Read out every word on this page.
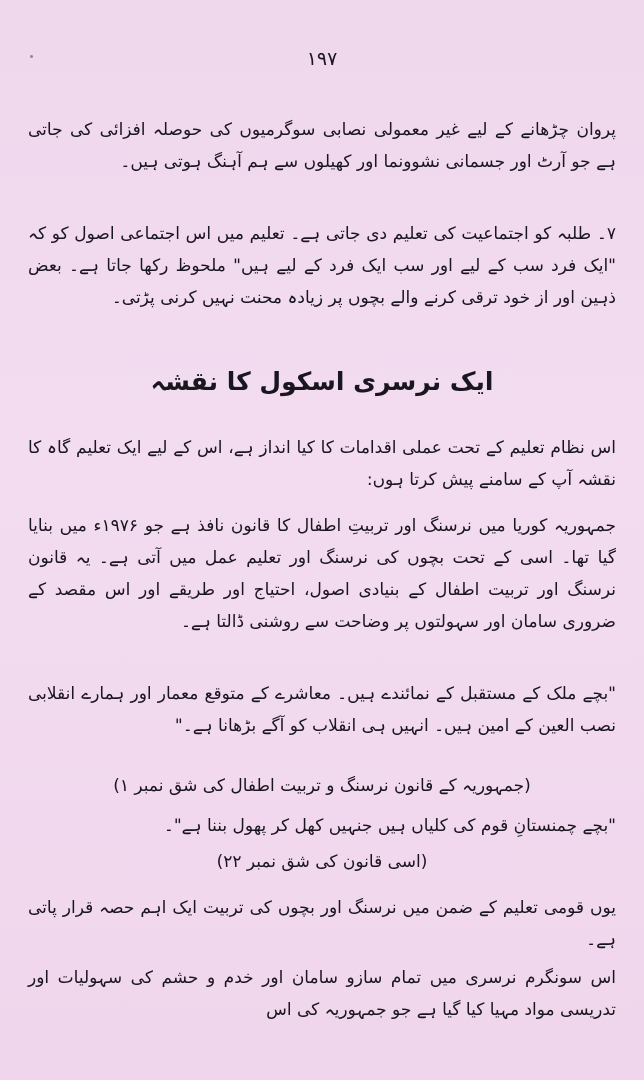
۱۹۷
پروان چڑھانے کے لیے غیر معمولی نصابی سوگرمیوں کی حوصلہ افزائی کی جاتی ہے جو آرٹ اور جسمانی نشوونما اور کھیلوں سے ہم آہنگ ہوتی ہیں۔
۷۔ طلبہ کو اجتماعیت کی تعلیم دی جاتی ہے۔ تعلیم میں اس اجتماعی اصول کو کہ "ایک فرد سب کے لیے اور سب ایک فرد کے لیے ہیں" ملحوظ رکھا جاتا ہے۔ بعض ذہین اور از خود ترقی کرنے والے بچوں پر زیادہ محنت نہیں کرنی پڑتی۔
ایک نرسری اسکول کا نقشہ
اس نظام تعلیم کے تحت عملی اقدامات کا کیا انداز ہے، اس کے لیے ایک تعلیم گاہ کا نقشہ آپ کے سامنے پیش کرتا ہوں:
جمہوریہ کوریا میں نرسنگ اور تربیتِ اطفال کا قانون نافذ ہے جو ۱۹۷۶ء میں بنایا گیا تھا۔ اسی کے تحت بچوں کی نرسنگ اور تعلیم عمل میں آتی ہے۔ یہ قانون نرسنگ اور تربیت اطفال کے بنیادی اصول، احتیاج اور طریقے اور اس مقصد کے ضروری سامان اور سہولتوں پر وضاحت سے روشنی ڈالتا ہے۔
"بچے ملک کے مستقبل کے نمائندے ہیں۔ معاشرے کے متوقع معمار اور ہمارے انقلابی نصب العین کے امین ہیں۔ انہیں ہی انقلاب کو آگے بڑھانا ہے۔"
(جمہوریہ کے قانون نرسنگ و تربیت اطفال کی شق نمبر ۱)
"بچے چمنستانِ قوم کی کلیاں ہیں جنہیں کھل کر پھول بننا ہے"۔
(اسی قانون کی شق نمبر ۲۲)
یوں قومی تعلیم کے ضمن میں نرسنگ اور بچوں کی تربیت ایک اہم حصہ قرار پاتی ہے۔
اس سونگرم نرسری میں تمام سازو سامان اور خدم و حشم کی سہولیات اور تدریسی مواد مہیا کیا گیا ہے جو جمہوریہ کی اس
